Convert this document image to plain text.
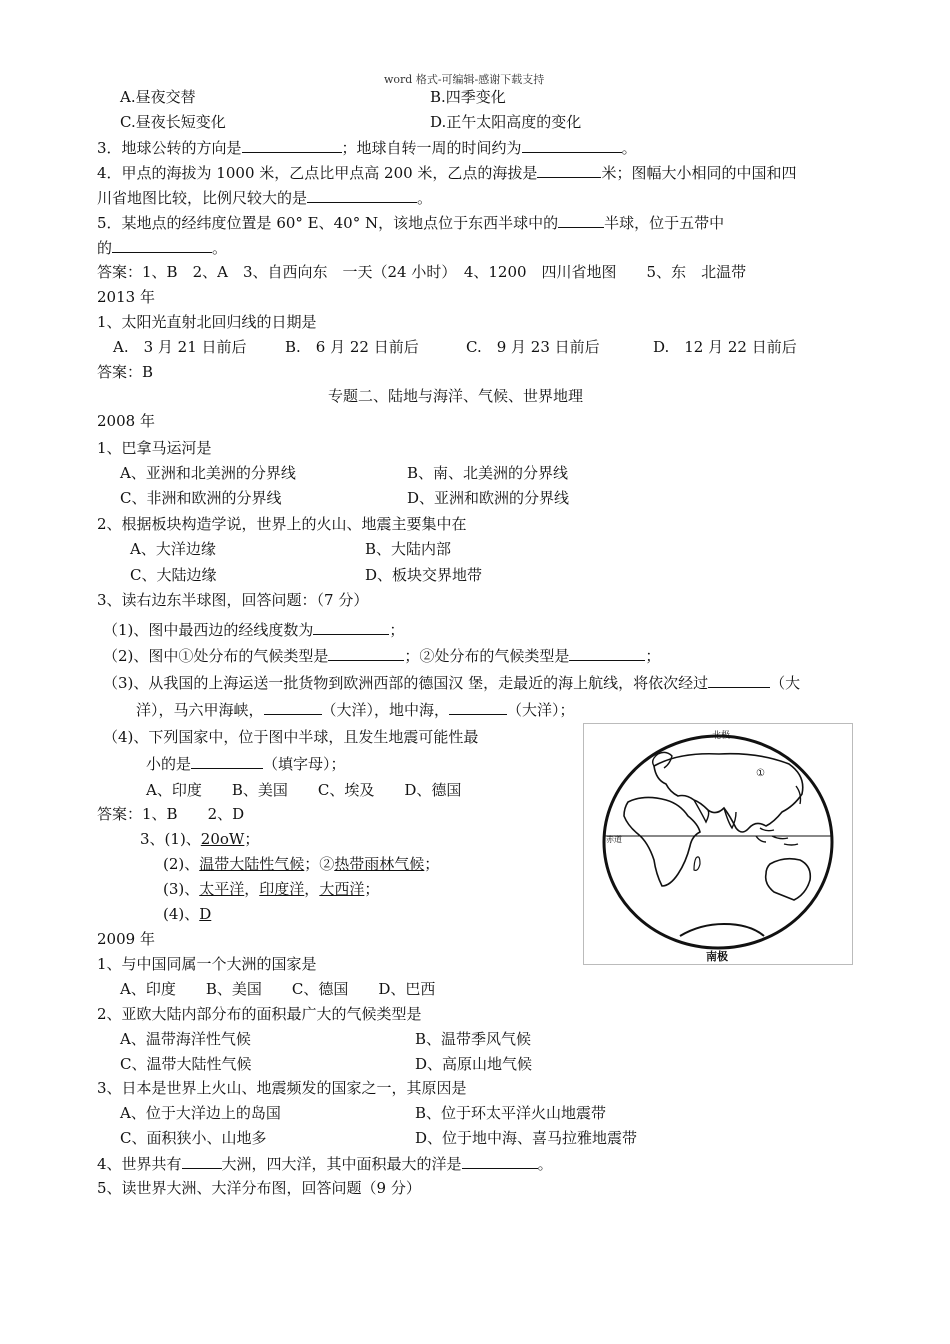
word 格式-可编辑-感谢下载支持
A.昼夜交替	B.四季变化
C.昼夜长短变化	D.正午太阳高度的变化
3．地球公转的方向是	；地球自转一周的时间约为	。
4．甲点的海拔为 1000 米，乙点比甲点高 200 米，乙点的海拔是	米；图幅大小相同的中国和四
川省地图比较，比例尺较大的是	。
5．某地点的经纬度位置是 60° E、40° N，该地点位于东西半球中的	半球，位于五带中
的	。
答案：1、B　2、A　3、自西向东　一天（24 小时）　4、1200　四川省地图　　5、东　北温带
2013 年
1、太阳光直射北回归线的日期是
A.　3 月 21 日前后	B.　6 月 22 日前后	C.　9 月 23 日前后	D.　12 月 22 日前后
答案：B
专题二、陆地与海洋、气候、世界地理
2008 年
1、巴拿马运河是
A、亚洲和北美洲的分界线	B、南、北美洲的分界线
C、非洲和欧洲的分界线	D、亚洲和欧洲的分界线
2、根据板块构造学说，世界上的火山、地震主要集中在
A、大洋边缘	B、大陆内部
C、大陆边缘	D、板块交界地带
3、读右边东半球图，回答问题：（7 分）
（1)、图中最西边的经线度数为	；
（2)、图中①处分布的气候类型是	；②处分布的气候类型是	；
（3)、从我国的上海运送一批货物到欧洲西部的德国汉 堡，走最近的海上航线，将依次经过	（大
洋），马六甲海峡，	（大洋），地中海，	（大洋）；
（4)、下列国家中，位于图中半球，且发生地震可能性最
小的是	（填字母）；
A、印度　　B、美国　　C、埃及　　D、德国
答案：1、B　　2、D
3、(1)、20oW；
(2)、温带大陆性气候；②热带雨林气候；
(3)、太平洋，印度洋，大西洋；
(4)、D
北极
南极
赤道
①
2009 年
1、与中国同属一个大洲的国家是
A、印度　　B、美国　　C、德国　　D、巴西
2、亚欧大陆内部分布的面积最广大的气候类型是
A、温带海洋性气候	B、温带季风气候
C、温带大陆性气候	D、高原山地气候
3、日本是世界上火山、地震频发的国家之一，其原因是
A、位于大洋边上的岛国	B、位于环太平洋火山地震带
C、面积狭小、山地多	D、位于地中海、喜马拉雅地震带
4、世界共有	大洲，四大洋，其中面积最大的洋是	。
5、读世界大洲、大洋分布图，回答问题（9 分）
